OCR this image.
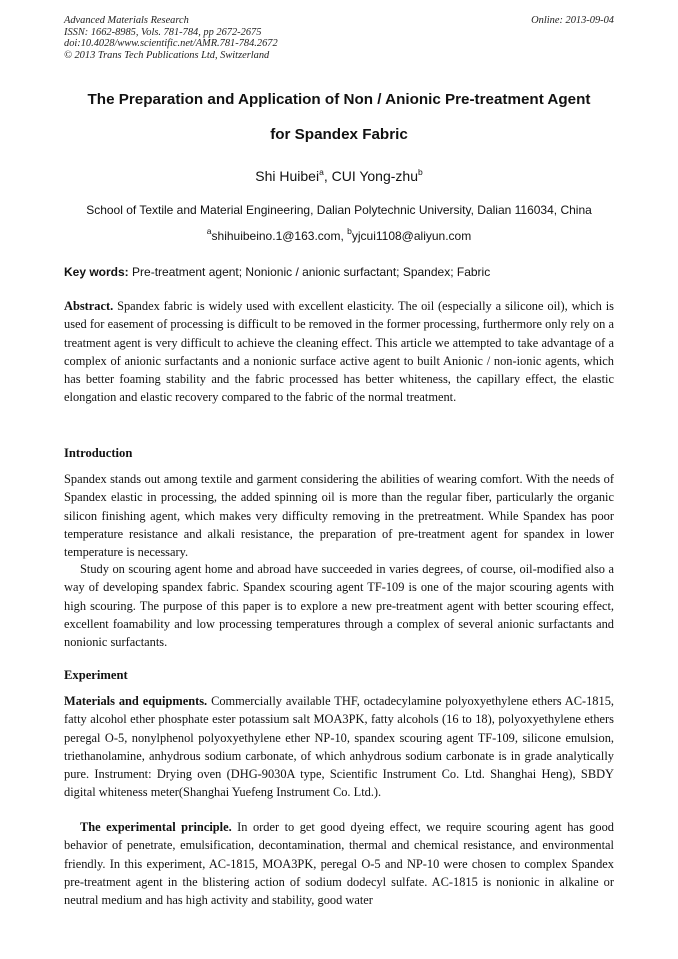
Advanced Materials Research
ISSN: 1662-8985, Vols. 781-784, pp 2672-2675
doi:10.4028/www.scientific.net/AMR.781-784.2672
© 2013 Trans Tech Publications Ltd, Switzerland
Online: 2013-09-04
The Preparation and Application of Non / Anionic Pre-treatment Agent
for Spandex Fabric
Shi Huibei$^a$, CUI Yong-zhu$^b$
School of Textile and Material Engineering, Dalian Polytechnic University, Dalian 116034, China
$^a$shihuibeino.1@163.com, $^b$yjcui1108@aliyun.com
Key words: Pre-treatment agent; Nonionic / anionic surfactant; Spandex; Fabric

Abstract. Spandex fabric is widely used with excellent elasticity. The oil (especially a silicone oil), which is used for easement of processing is difficult to be removed in the former processing, furthermore only rely on a treatment agent is very difficult to achieve the cleaning effect. This article we attempted to take advantage of a complex of anionic surfactants and a nonionic surface active agent to built Anionic / non-ionic agents, which has better foaming stability and the fabric processed has better whiteness, the capillary effect, the elastic elongation and elastic recovery compared to the fabric of the normal treatment.

Introduction

Spandex stands out among textile and garment considering the abilities of wearing comfort. With the needs of Spandex elastic in processing, the added spinning oil is more than the regular fiber, particularly the organic silicon finishing agent, which makes very difficulty removing in the pretreatment. While Spandex has poor temperature resistance and alkali resistance, the preparation of pre-treatment agent for spandex in lower temperature is necessary.

Study on scouring agent home and abroad have succeeded in varies degrees, of course, oil-modified also a way of developing spandex fabric. Spandex scouring agent TF-109 is one of the major scouring agents with high scouring. The purpose of this paper is to explore a new pre-treatment agent with better scouring effect, excellent foamability and low processing temperatures through a complex of several anionic surfactants and nonionic surfactants.

Experiment

Materials and equipments. Commercially available THF, octadecylamine polyoxyethylene ethers AC-1815, fatty alcohol ether phosphate ester potassium salt MOA3PK, fatty alcohols (16 to 18), polyoxyethylene ethers peregal O-5, nonylphenol polyoxyethylene ether NP-10, spandex scouring agent TF-109, silicone emulsion, triethanolamine, anhydrous sodium carbonate, of which anhydrous sodium carbonate is in grade analytically pure. Instrument: Drying oven (DHG-9030A type, Scientific Instrument Co. Ltd. Shanghai Heng), SBDY digital whiteness meter(Shanghai Yuefeng Instrument Co. Ltd.).

The experimental principle. In order to get good dyeing effect, we require scouring agent has good behavior of penetrate, emulsification, decontamination, thermal and chemical resistance, and environmental friendly. In this experiment, AC-1815, MOA3PK, peregal O-5 and NP-10 were chosen to complex Spandex pre-treatment agent in the blistering action of sodium dodecyl sulfate. AC-1815 is nonionic in alkaline or neutral medium and has high activity and stability, good water
